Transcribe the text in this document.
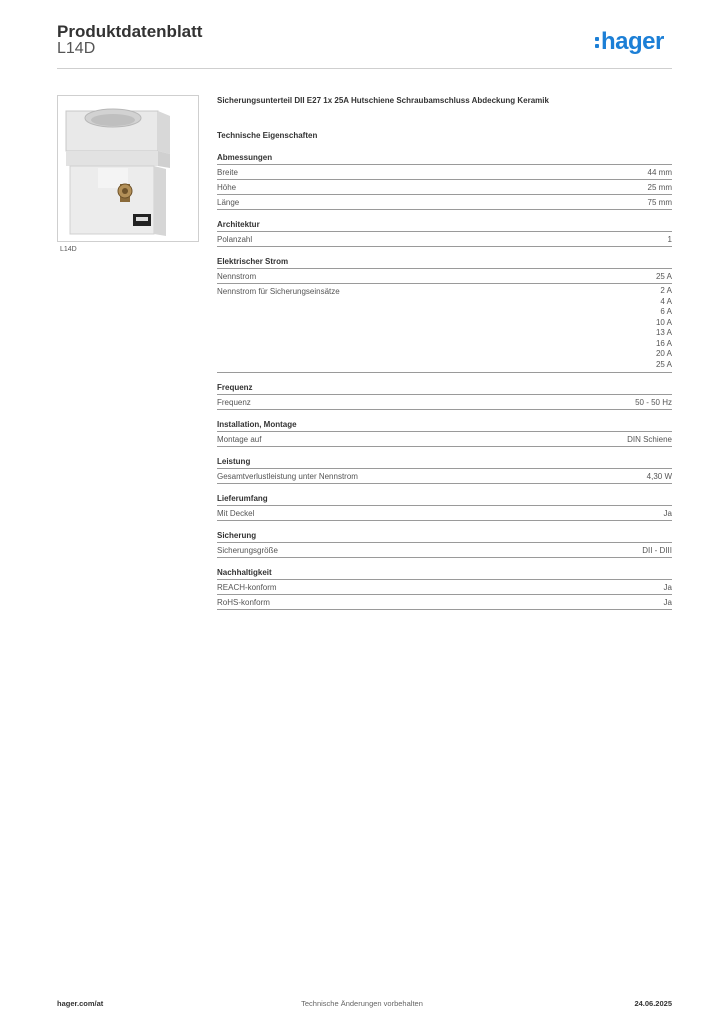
Produktdatenblatt
L14D	hager
L14D
Sicherungsunterteil DII E27 1x 25A Hutschiene Schraubamschluss Abdeckung Keramik
Technische Eigenschaften
Abmessungen
Breite	44 mm
Höhe	25 mm
Länge	75 mm
Architektur
Polanzahl	1
Elektrischer Strom
Nennstrom	25 A
Nennstrom für Sicherungseinsätze	2 A
4 A
6 A
10 A
13 A
16 A
20 A
25 A
Frequenz
Frequenz	50 - 50 Hz
Installation, Montage
Montage auf	DIN Schiene
Leistung
Gesamtverlustleistung unter Nennstrom	4,30 W
Lieferumfang
Mit Deckel	Ja
Sicherung
Sicherungsgröße	DII - DIII
Nachhaltigkeit
REACH-konform	Ja
RoHS-konform	Ja
hager.com/at	Technische Änderungen vorbehalten	24.06.2025
